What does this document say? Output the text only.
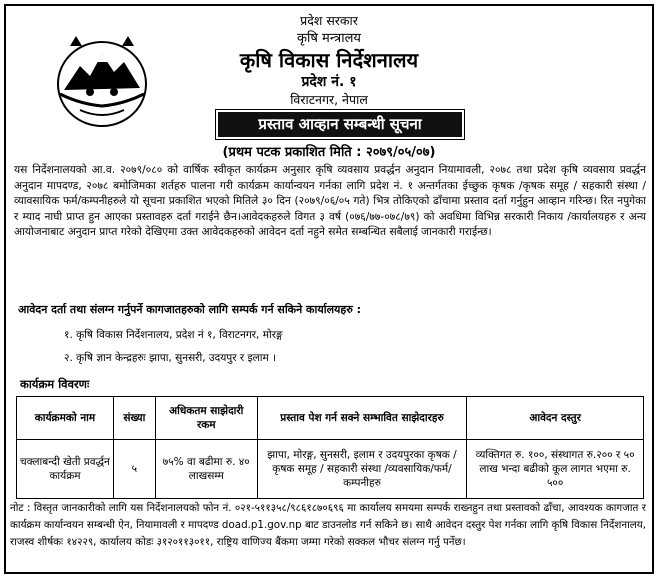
प्रदेश सरकार
कृषि मन्त्रालय
कृषि विकास निर्देशनालय
प्रदेश नं. १
विराटनगर, नेपाल
प्रस्ताव आव्हान सम्बन्धी सूचना
(प्रथम पटक प्रकाशित मिति : २०७९/०५/०७)
यस निर्देशनालयको आ.व. २०७९/०८० को वार्षिक स्वीकृत कार्यक्रम अनुसार कृषि व्यवसाय प्रवर्द्धन अनुदान नियामावली, २०७८ तथा प्रदेश कृषि व्यवसाय प्रवर्द्धन अनुदान मापदण्ड, २०७८ बमोजिमका शर्तहरु पालना गरी कार्यक्रम कार्यान्वयन गर्नका लागि प्रदेश नं. १ अन्तर्गतका ईच्छुक कृषक /कृषक समूह / सहकारी संस्था /व्यावसायिक फर्म/कम्पनीहरुले यो सूचना प्रकाशित भएको मितिले ३० दिन (२०७९/०६/०५ गते) भित्र तोकिएको ढाँचामा प्रस्ताव दर्ता गर्नुहुन आव्हान गरिन्छ। रित नपुगेका र म्याद नाघी प्राप्त हुन आएका प्रस्तावहरु दर्ता गराईने छैन।आवेदकहरुले विगत ३ वर्ष (०७६/७७-०७८/७९) को अवधिमा विभिन्न सरकारी निकाय /कार्यालयहरु र अन्य आयोजनाबाट अनुदान प्राप्त गरेको देखिएमा उक्त आवेदकहरुको आवेदन दर्ता नहुने समेत सम्बन्धित सबैलाई जानकारी गराईन्छ।
आवेदन दर्ता तथा संलग्न गर्नुपर्ने कागजातहरुको लागि सम्पर्क गर्न सकिने कार्यालयहरु :
१. कृषि विकास निर्देशनालय, प्रदेश नं १, विराटनगर, मोरङ्ग
२. कृषि ज्ञान केन्द्रहरुः झापा, सुनसरी, उदयपुर र इलाम ।
कार्यक्रम विवरणः
कार्यक्रमको नाम	संख्या	अधिकतम साझेदारी रकम	प्रस्ताव पेश गर्न सक्ने सम्भावित साझेदारहरु	आवेदन दस्तुर
चक्लाबन्दी खेती प्रवर्द्धन कार्यक्रम	५	७५% वा बढीमा रु. ४० लाखसम्म	झापा, मोरङ्ग, सुनसरी, इलाम र उदयपुरका कृषक /कृषक समूह / सहकारी संस्था /व्यवसायिक/फर्म/कम्पनीहरु	व्यक्तिगत रु. १००, संस्थागत रु.२०० र ५० लाख भन्दा बढीको कूल लागत भएमा रु. ५००
नोट : विस्तृत जानकारीको लागि यस निर्देशनालयको फोन नं. ०२१-५११३५८/९८६१८७०६९६ मा कार्यालय समयमा सम्पर्क राख्नहुन तथा प्रस्तावको ढाँचा, आवश्यक कागजात र कार्यक्रम कार्यान्वयन सम्बन्धी ऐन, नियामावली र मापदण्ड doad.p1.gov.np बाट डाउनलोड गर्न सकिने छ। साथै आवेदन दस्तुर पेश गर्नका लागि कृषि विकास निर्देशनालय, राजस्व शीर्षकः १४२२९, कार्यालय कोडः ३१२०११३०११, राष्ट्रिय वाणिज्य बैंकमा जम्मा गरेको सक्कल भौचर संलग्न गर्नु पर्नेछ।
